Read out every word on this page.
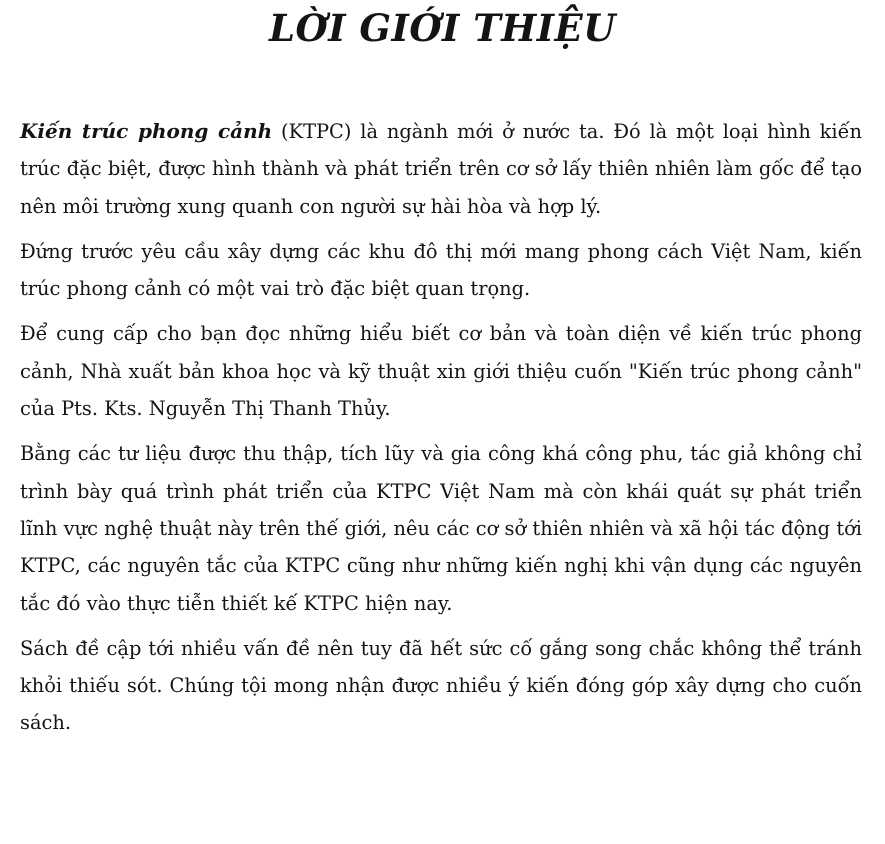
LỜI GIỚI THIỆU

Kiến trúc phong cảnh (KTPC) là ngành mới ở nước ta. Đó là một loại hình kiến trúc đặc biệt, được hình thành và phát triển trên cơ sở lấy thiên nhiên làm gốc để tạo nên môi trường xung quanh con người sự hài hòa và hợp lý.

Đứng trước yêu cầu xây dựng các khu đô thị mới mang phong cách Việt Nam, kiến trúc phong cảnh có một vai trò đặc biệt quan trọng.

Để cung cấp cho bạn đọc những hiểu biết cơ bản và toàn diện về kiến trúc phong cảnh, Nhà xuất bản khoa học và kỹ thuật xin giới thiệu cuốn "Kiến trúc phong cảnh" của Pts. Kts. Nguyễn Thị Thanh Thủy.

Bằng các tư liệu được thu thập, tích lũy và gia công khá công phu, tác giả không chỉ trình bày quá trình phát triển của KTPC Việt Nam mà còn khái quát sự phát triển lĩnh vực nghệ thuật này trên thế giới, nêu các cơ sở thiên nhiên và xã hội tác động tới KTPC, các nguyên tắc của KTPC cũng như những kiến nghị khi vận dụng các nguyên tắc đó vào thực tiễn thiết kế KTPC hiện nay.

Sách đề cập tới nhiều vấn đề nên tuy đã hết sức cố gắng song chắc không thể tránh khỏi thiếu sót. Chúng tội mong nhận được nhiều ý kiến đóng góp xây dựng cho cuốn sách.
